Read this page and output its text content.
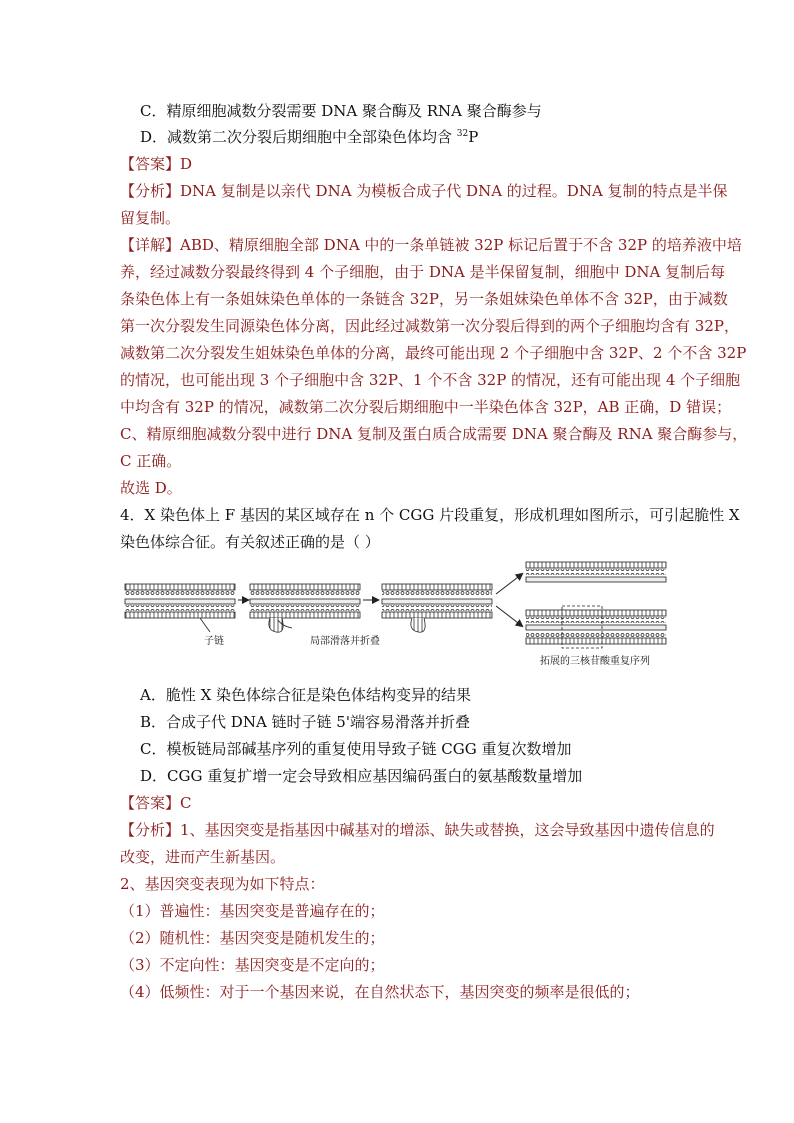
C．精原细胞减数分裂需要 DNA 聚合酶及 RNA 聚合酶参与
D．减数第二次分裂后期细胞中全部染色体均含 $^{32}$P
【答案】D
【分析】DNA 复制是以亲代 DNA 为模板合成子代 DNA 的过程。DNA 复制的特点是半保
留复制。
【详解】ABD、精原细胞全部 DNA 中的一条单链被 32P 标记后置于不含 32P 的培养液中培
养，经过减数分裂最终得到 4 个子细胞，由于 DNA 是半保留复制，细胞中 DNA 复制后每
条染色体上有一条姐妹染色单体的一条链含 32P，另一条姐妹染色单体不含 32P，由于减数
第一次分裂发生同源染色体分离，因此经过减数第一次分裂后得到的两个子细胞均含有 32P，
减数第二次分裂发生姐妹染色单体的分离，最终可能出现 2 个子细胞中含 32P、2 个不含 32P
的情况，也可能出现 3 个子细胞中含 32P、1 个不含 32P 的情况，还有可能出现 4 个子细胞
中均含有 32P 的情况，减数第二次分裂后期细胞中一半染色体含 32P，AB 正确，D 错误；
C、精原细胞减数分裂中进行 DNA 复制及蛋白质合成需要 DNA 聚合酶及 RNA 聚合酶参与，
C 正确。
故选 D。
4．X 染色体上 F 基因的某区域存在 n 个 CGG 片段重复，形成机理如图所示，可引起脆性 X
染色体综合征。有关叙述正确的是（ ）
子链	局部滑落并折叠
拓展的三核苷酸重复序列
A．脆性 X 染色体综合征是染色体结构变异的结果
B．合成子代 DNA 链时子链 5'端容易滑落并折叠
C．模板链局部碱基序列的重复使用导致子链 CGG 重复次数增加
D．CGG 重复扩增一定会导致相应基因编码蛋白的氨基酸数量增加
【答案】C
【分析】1、基因突变是指基因中碱基对的增添、缺失或替换，这会导致基因中遗传信息的
改变，进而产生新基因。
2、基因突变表现为如下特点：
（1）普遍性：基因突变是普遍存在的；
（2）随机性：基因突变是随机发生的；
（3）不定向性：基因突变是不定向的；
（4）低频性：对于一个基因来说，在自然状态下，基因突变的频率是很低的；
